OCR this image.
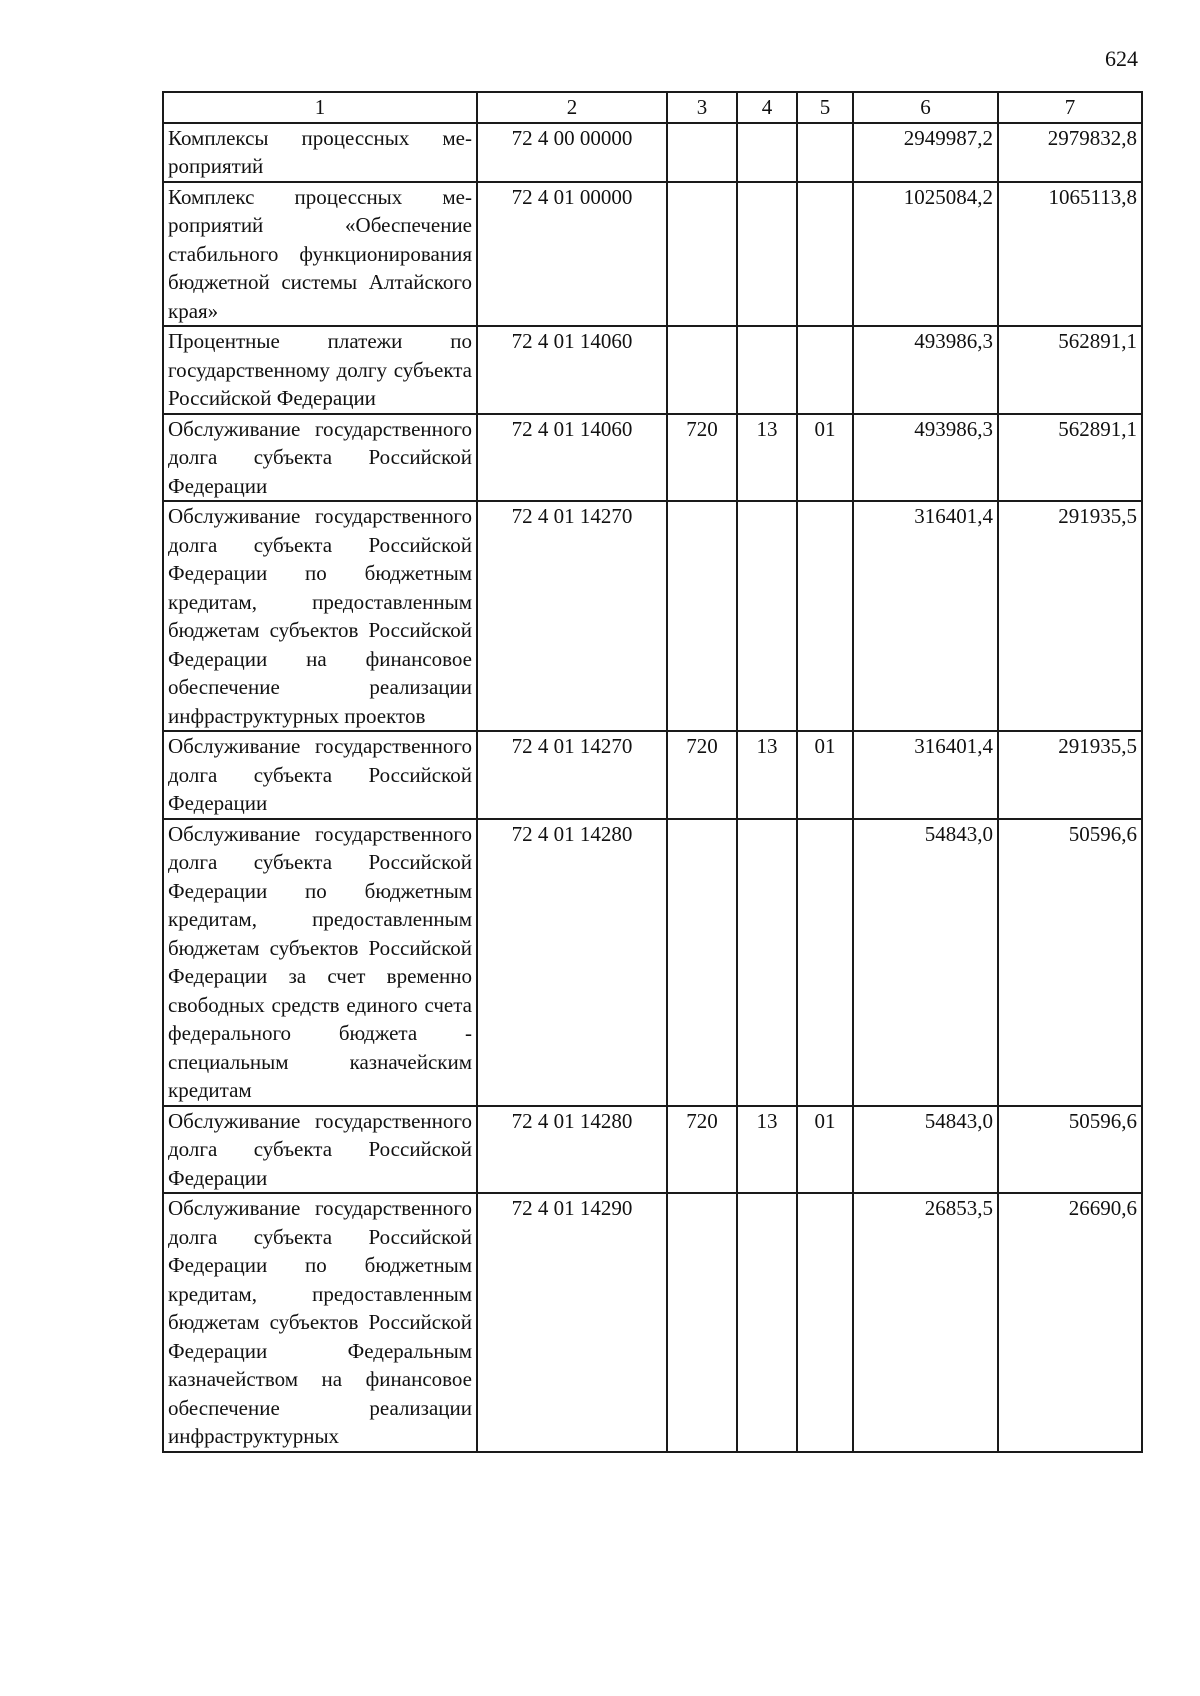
624
1	2	3	4	5	6	7
Комплексы процессных мероприятий	72 4 00 00000				2949987,2	2979832,8
Комплекс процессных мероприятий «Обеспечение стабильного функционирования бюджетной системы Алтайского края»	72 4 01 00000				1025084,2	1065113,8
Процентные платежи по государственному долгу субъекта Российской Федерации	72 4 01 14060				493986,3	562891,1
Обслуживание государственного долга субъекта Российской Федерации	72 4 01 14060	720	13	01	493986,3	562891,1
Обслуживание государственного долга субъекта Российской Федерации по бюджетным кредитам, предоставленным бюджетам субъектов Российской Федерации на финансовое обеспечение реализации инфраструктурных проектов	72 4 01 14270				316401,4	291935,5
Обслуживание государственного долга субъекта Российской Федерации	72 4 01 14270	720	13	01	316401,4	291935,5
Обслуживание государственного долга субъекта Российской Федерации по бюджетным кредитам, предоставленным бюджетам субъектов Российской Федерации за счет временно свободных средств единого счета федерального бюджета - специальным казначейским кредитам	72 4 01 14280				54843,0	50596,6
Обслуживание государственного долга субъекта Российской Федерации	72 4 01 14280	720	13	01	54843,0	50596,6
Обслуживание государственного долга субъекта Российской Федерации по бюджетным кредитам, предоставленным бюджетам субъектов Российской Федерации Федеральным казначейством на финансовое обеспечение реализации инфраструктурных	72 4 01 14290				26853,5	26690,6
